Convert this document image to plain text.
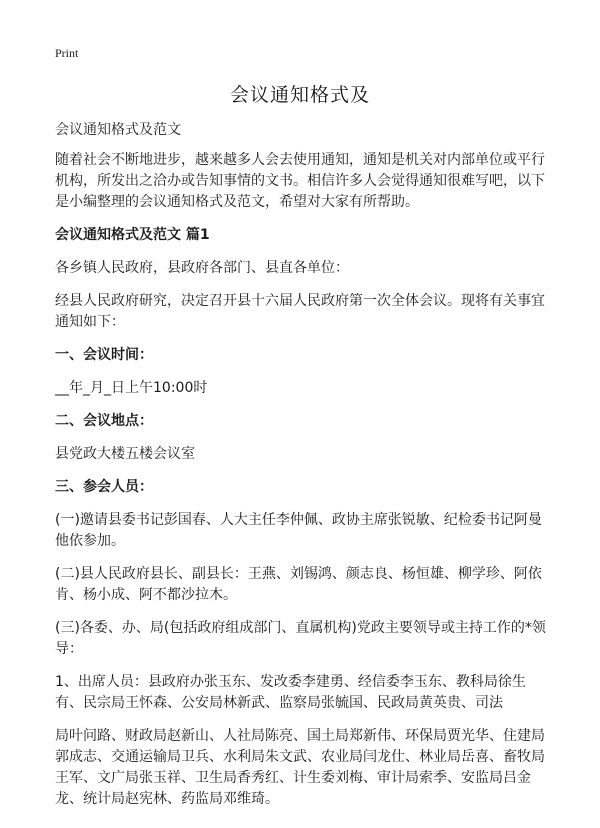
Print
会议通知格式及

会议通知格式及范文

随着社会不断地进步，越来越多人会去使用通知，通知是机关对内部单位或平行机构，所发出之洽办或告知事情的文书。相信许多人会觉得通知很难写吧，以下是小编整理的会议通知格式及范文，希望对大家有所帮助。

会议通知格式及范文 篇1

各乡镇人民政府，县政府各部门、县直各单位：

经县人民政府研究，决定召开县十六届人民政府第一次全体会议。现将有关事宜通知如下：

一、会议时间：

__年_月_日上午10:00时

二、会议地点：

县党政大楼五楼会议室

三、参会人员：

(一)邀请县委书记彭国春、人大主任李仲佩、政协主席张锐敏、纪检委书记阿曼他依参加。

(二)县人民政府县长、副县长：王燕、刘锡鸿、颜志良、杨恒雄、柳学珍、阿依肯、杨小成、阿不都沙拉木。

(三)各委、办、局(包括政府组成部门、直属机构)党政主要领导或主持工作的*领导：

1、出席人员：县政府办张玉东、发改委李建勇、经信委李玉东、教科局徐生有、民宗局王怀森、公安局林新武、监察局张毓国、民政局黄英贵、司法

局叶问路、财政局赵新山、人社局陈亮、国土局郑新伟、环保局贾光华、住建局郭成志、交通运输局卫兵、水利局朱文武、农业局闫龙仕、林业局岳喜、畜牧局王军、文广局张玉祥、卫生局香秀红、计生委刘梅、审计局索季、安监局吕金龙、统计局赵宪林、药监局邓维琦。
